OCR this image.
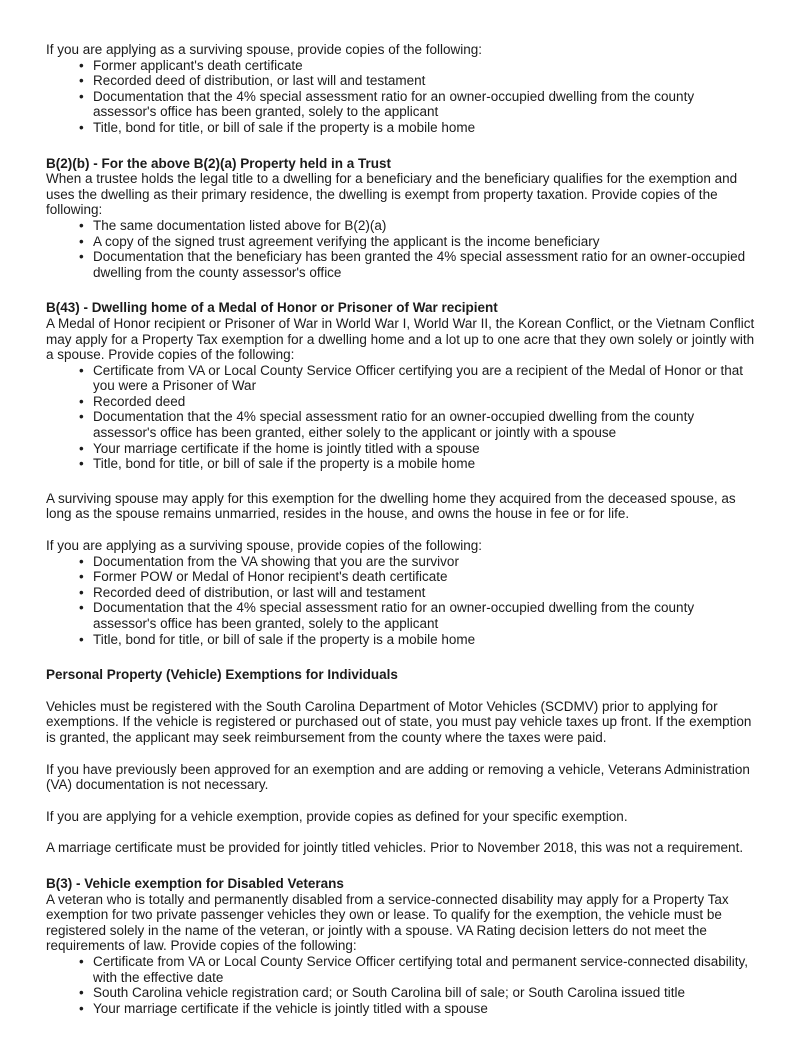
If you are applying as a surviving spouse, provide copies of the following:

• Former applicant's death certificate
• Recorded deed of distribution, or last will and testament
• Documentation that the 4% special assessment ratio for an owner-occupied dwelling from the county assessor's office has been granted, solely to the applicant
• Title, bond for title, or bill of sale if the property is a mobile home
B(2)(b) - For the above B(2)(a) Property held in a Trust

When a trustee holds the legal title to a dwelling for a beneficiary and the beneficiary qualifies for the exemption and uses the dwelling as their primary residence, the dwelling is exempt from property taxation. Provide copies of the following:

• The same documentation listed above for B(2)(a)
• A copy of the signed trust agreement verifying the applicant is the income beneficiary
• Documentation that the beneficiary has been granted the 4% special assessment ratio for an owner-occupied dwelling from the county assessor's office
B(43) - Dwelling home of a Medal of Honor or Prisoner of War recipient

A Medal of Honor recipient or Prisoner of War in World War I, World War II, the Korean Conflict, or the Vietnam Conflict may apply for a Property Tax exemption for a dwelling home and a lot up to one acre that they own solely or jointly with a spouse. Provide copies of the following:

• Certificate from VA or Local County Service Officer certifying you are a recipient of the Medal of Honor or that you were a Prisoner of War
• Recorded deed
• Documentation that the 4% special assessment ratio for an owner-occupied dwelling from the county assessor's office has been granted, either solely to the applicant or jointly with a spouse
• Your marriage certificate if the home is jointly titled with a spouse
• Title, bond for title, or bill of sale if the property is a mobile home

A surviving spouse may apply for this exemption for the dwelling home they acquired from the deceased spouse, as long as the spouse remains unmarried, resides in the house, and owns the house in fee or for life.

If you are applying as a surviving spouse, provide copies of the following:

• Documentation from the VA showing that you are the survivor
• Former POW or Medal of Honor recipient's death certificate
• Recorded deed of distribution, or last will and testament
• Documentation that the 4% special assessment ratio for an owner-occupied dwelling from the county assessor's office has been granted, solely to the applicant
• Title, bond for title, or bill of sale if the property is a mobile home
Personal Property (Vehicle) Exemptions for Individuals

Vehicles must be registered with the South Carolina Department of Motor Vehicles (SCDMV) prior to applying for exemptions. If the vehicle is registered or purchased out of state, you must pay vehicle taxes up front. If the exemption is granted, the applicant may seek reimbursement from the county where the taxes were paid.

If you have previously been approved for an exemption and are adding or removing a vehicle, Veterans Administration (VA) documentation is not necessary.

If you are applying for a vehicle exemption, provide copies as defined for your specific exemption.

A marriage certificate must be provided for jointly titled vehicles. Prior to November 2018, this was not a requirement.

B(3) - Vehicle exemption for Disabled Veterans

A veteran who is totally and permanently disabled from a service-connected disability may apply for a Property Tax exemption for two private passenger vehicles they own or lease. To qualify for the exemption, the vehicle must be registered solely in the name of the veteran, or jointly with a spouse. VA Rating decision letters do not meet the requirements of law. Provide copies of the following:

• Certificate from VA or Local County Service Officer certifying total and permanent service-connected disability, with the effective date
• South Carolina vehicle registration card; or South Carolina bill of sale; or South Carolina issued title
• Your marriage certificate if the vehicle is jointly titled with a spouse
